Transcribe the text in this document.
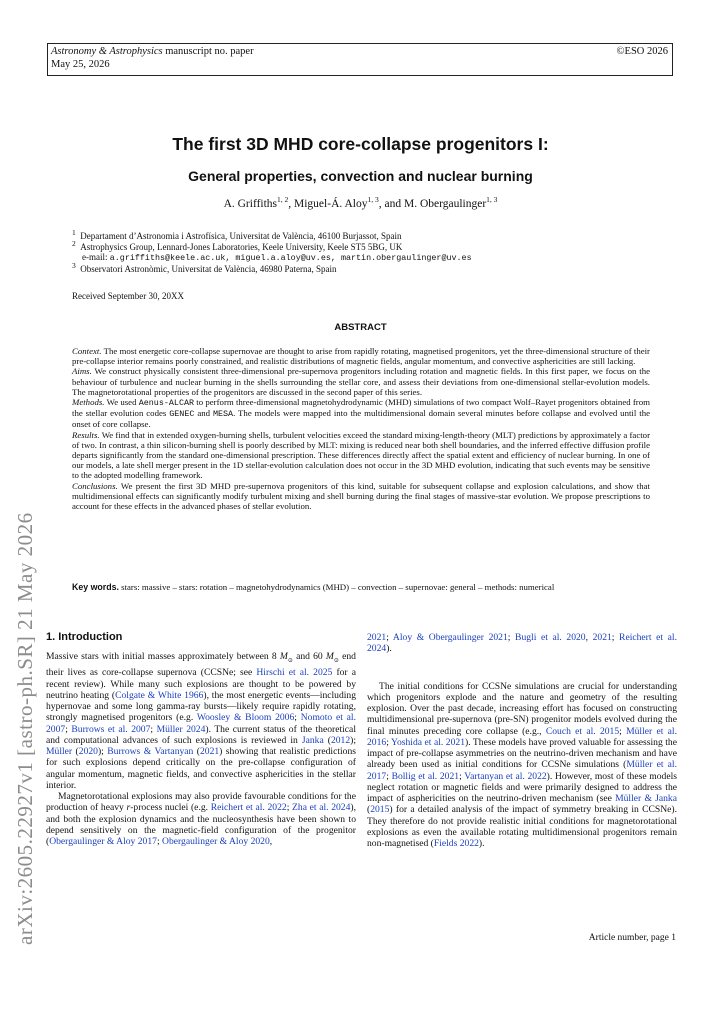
Astronomy & Astrophysics manuscript no. paper
May 25, 2026
©ESO 2026
arXiv:2605.22927v1 [astro-ph.SR] 21 May 2026
The first 3D MHD core-collapse progenitors I:
General properties, convection and nuclear burning
A. Griffiths$^{1, 2}$, Miguel-Á. Aloy$^{1, 3}$, and M. Obergaulinger$^{1, 3}$
$^1$ Departament d’Astronomia i Astrofísica, Universitat de València, 46100 Burjassot, Spain
$^2$ Astrophysics Group, Lennard-Jones Laboratories, Keele University, Keele ST5 5BG, UK
e-mail: a.griffiths@keele.ac.uk, miguel.a.aloy@uv.es, martin.obergaulinger@uv.es
$^3$ Observatori Astronòmic, Universitat de València, 46980 Paterna, Spain
Received September 30, 20XX
ABSTRACT

Context. The most energetic core-collapse supernovae are thought to arise from rapidly rotating, magnetised progenitors, yet the three-dimensional structure of their pre-collapse interior remains poorly constrained, and realistic distributions of magnetic fields, angular momentum, and convective asphericities are still lacking.

Aims. We construct physically consistent three-dimensional pre-supernova progenitors including rotation and magnetic fields. In this first paper, we focus on the behaviour of turbulence and nuclear burning in the shells surrounding the stellar core, and assess their deviations from one-dimensional stellar-evolution models. The magnetorotational properties of the progenitors are discussed in the second paper of this series.

Methods. We used Aenus-ALCAR to perform three-dimensional magnetohydrodynamic (MHD) simulations of two compact Wolf–Rayet progenitors obtained from the stellar evolution codes GENEC and MESA. The models were mapped into the multidimensional domain several minutes before collapse and evolved until the onset of core collapse.

Results. We find that in extended oxygen-burning shells, turbulent velocities exceed the standard mixing-length-theory (MLT) predictions by approximately a factor of two. In contrast, a thin silicon-burning shell is poorly described by MLT: mixing is reduced near both shell boundaries, and the inferred effective diffusion profile departs significantly from the standard one-dimensional prescription. These differences directly affect the spatial extent and efficiency of nuclear burning. In one of our models, a late shell merger present in the 1D stellar-evolution calculation does not occur in the 3D MHD evolution, indicating that such events may be sensitive to the adopted modelling framework.

Conclusions. We present the first 3D MHD pre-supernova progenitors of this kind, suitable for subsequent collapse and explosion calculations, and show that multidimensional effects can significantly modify turbulent mixing and shell burning during the final stages of massive-star evolution. We propose prescriptions to account for these effects in the advanced phases of stellar evolution.

Key words. stars: massive – stars: rotation – magnetohydrodynamics (MHD) – convection – supernovae: general – methods: numerical
1. Introduction

Massive stars with initial masses approximately between 8 $M_⊙$ and 60 $M_⊙$ end their lives as core-collapse supernova (CCSNe; see Hirschi et al. 2025 for a recent review). While many such explosions are thought to be powered by neutrino heating (Colgate & White 1966), the most energetic events—including hypernovae and some long gamma-ray bursts—likely require rapidly rotating, strongly magnetised progenitors (e.g. Woosley & Bloom 2006; Nomoto et al. 2007; Burrows et al. 2007; Müller 2024). The current status of the theoretical and computational advances of such explosions is reviewed in Janka (2012); Müller (2020); Burrows & Vartanyan (2021) showing that realistic predictions for such explosions depend critically on the pre-collapse configuration of angular momentum, magnetic fields, and convective asphericities in the stellar interior.

Magnetorotational explosions may also provide favourable conditions for the production of heavy r-process nuclei (e.g. Reichert et al. 2022; Zha et al. 2024), and both the explosion dynamics and the nucleosynthesis have been shown to depend sensitively on the magnetic-field configuration of the progenitor (Obergaulinger & Aloy 2017; Obergaulinger & Aloy 2020,

2021; Aloy & Obergaulinger 2021; Bugli et al. 2020, 2021; Reichert et al. 2024).

The initial conditions for CCSNe simulations are crucial for understanding which progenitors explode and the nature and geometry of the resulting explosion. Over the past decade, increasing effort has focused on constructing multidimensional pre-supernova (pre-SN) progenitor models evolved during the final minutes preceding core collapse (e.g., Couch et al. 2015; Müller et al. 2016; Yoshida et al. 2021). These models have proved valuable for assessing the impact of pre-collapse asymmetries on the neutrino-driven mechanism and have already been used as initial conditions for CCSNe simulations (Müller et al. 2017; Bollig et al. 2021; Vartanyan et al. 2022). However, most of these models neglect rotation or magnetic fields and were primarily designed to address the impact of asphericities on the neutrino-driven mechanism (see Müller & Janka (2015) for a detailed analysis of the impact of symmetry breaking in CCSNe). They therefore do not provide realistic initial conditions for magnetorotational explosions as even the available rotating multidimensional progenitors remain non-magnetised (Fields 2022).

Article number, page 1
